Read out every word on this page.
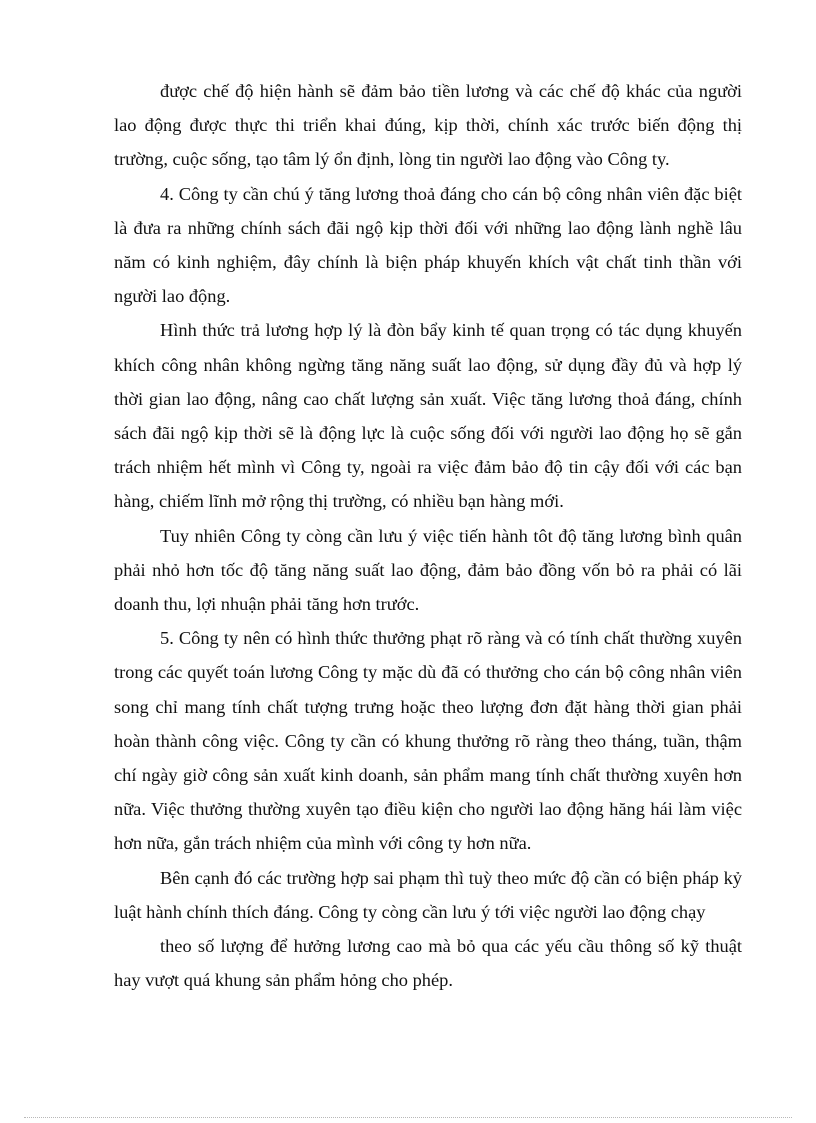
được chế độ hiện hành sẽ đảm bảo tiền lương và các chế độ khác của người lao động được thực thi triển khai đúng, kịp thời, chính xác trước biến động thị trường, cuộc sống, tạo tâm lý ổn định, lòng tin người lao động vào Công ty.

4. Công ty cần chú ý tăng lương thoả đáng cho cán bộ công nhân viên đặc biệt là đưa ra những chính sách đãi ngộ kịp thời đối với những lao động lành nghề lâu năm có kinh nghiệm, đây chính là biện pháp khuyến khích vật chất tinh thần với người lao động.

Hình thức trả lương hợp lý là đòn bẩy kinh tế quan trọng có tác dụng khuyến khích công nhân không ngừng tăng năng suất lao động, sử dụng đầy đủ và hợp lý thời gian lao động, nâng cao chất lượng sản xuất. Việc tăng lương thoả đáng, chính sách đãi ngộ kịp thời sẽ là động lực là cuộc sống đối với người lao động họ sẽ gắn trách nhiệm hết mình vì Công ty, ngoài ra việc đảm bảo độ tin cậy đối với các bạn hàng, chiếm lĩnh mở rộng thị trường, có nhiều bạn hàng mới.

Tuy nhiên Công ty còng cần lưu ý việc tiến hành tôt độ tăng lương bình quân phải nhỏ hơn tốc độ tăng năng suất lao động, đảm bảo đồng vốn bỏ ra phải có lãi doanh thu, lợi nhuận phải tăng hơn trước.

5. Công ty nên có hình thức thưởng phạt rõ ràng và có tính chất thường xuyên trong các quyết toán lương Công ty mặc dù đã có thưởng cho cán bộ công nhân viên song chỉ mang tính chất tượng trưng hoặc theo lượng đơn đặt hàng thời gian phải hoàn thành công việc. Công ty cần có khung thưởng rõ ràng theo tháng, tuần, thậm chí ngày giờ công sản xuất kinh doanh, sản phẩm mang tính chất thường xuyên hơn nữa. Việc thưởng thường xuyên tạo điều kiện cho người lao động hăng hái làm việc hơn nữa, gắn trách nhiệm của mình với công ty hơn nữa.

Bên cạnh đó các trường hợp sai phạm thì tuỳ theo mức độ cần có biện pháp kỷ luật hành chính thích đáng. Công ty còng cần lưu ý tới việc người lao động chạy

theo số lượng để hưởng lương cao mà bỏ qua các yếu cầu thông số kỹ thuật hay vượt quá khung sản phẩm hỏng cho phép.
